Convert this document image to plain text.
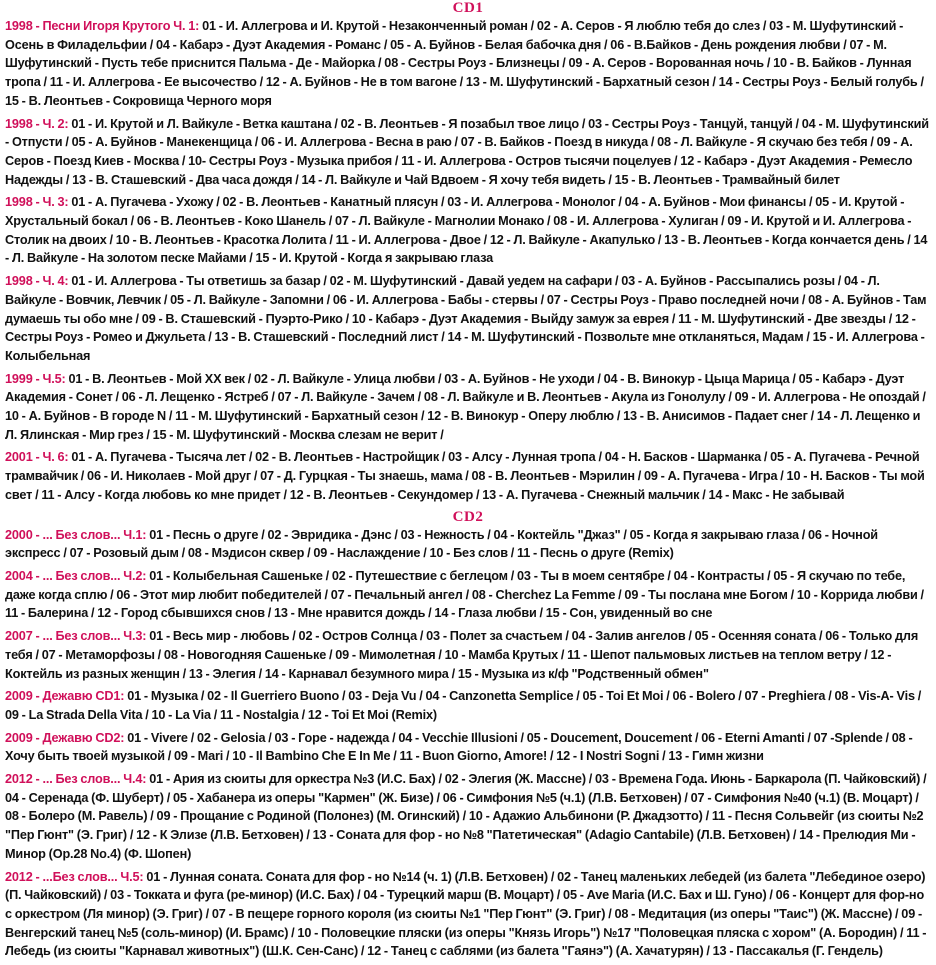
CD1
1998 - Песни Игоря Крутого Ч. 1: 01 - И. Аллегрова и И. Крутой - Незаконченный роман / 02 - А. Серов - Я люблю тебя до слез / 03 - М. Шуфутинский - Осень в Филадельфии / 04 - Кабарэ - Дуэт Академия - Романс / 05 - А. Буйнов - Белая бабочка дня / 06 - В.Байков - День рождения любви / 07 - М. Шуфутинский - Пусть тебе приснится Пальма - Де - Майорка / 08 - Сестры Роуз - Близнецы / 09 - А. Серов - Ворованная ночь / 10 - В. Байков - Лунная тропа / 11 - И. Аллегрова - Ее высочество / 12 - А. Буйнов - Не в том вагоне / 13 - М. Шуфутинский - Бархатный сезон / 14 - Сестры Роуз - Белый голубь / 15 - В. Леонтьев - Сокровища Черного моря
1998 - Ч. 2: 01 - И. Крутой и Л. Вайкуле - Ветка каштана / 02 - В. Леонтьев - Я позабыл твое лицо / 03 - Сестры Роуз - Танцуй, танцуй / 04 - М. Шуфутинский - Отпусти / 05 - А. Буйнов - Манекенщица / 06 - И. Аллегрова - Весна в раю / 07 - В. Байков - Поезд в никуда / 08 - Л. Вайкуле - Я скучаю без тебя / 09 - А. Серов - Поезд Киев - Москва / 10- Сестры Роуз - Музыка прибоя / 11 - И. Аллегрова - Остров тысячи поцелуев / 12 - Кабарэ - Дуэт Академия - Ремесло Надежды / 13 - В. Сташевский - Два часа дождя / 14 - Л. Вайкуле и Чай Вдвоем - Я хочу тебя видеть / 15 - В. Леонтьев - Трамвайный билет
1998 - Ч. 3: 01 - А. Пугачева - Ухожу / 02 - В. Леонтьев - Канатный плясун / 03 - И. Аллегрова - Монолог / 04 - А. Буйнов - Мои финансы / 05 - И. Крутой - Хрустальный бокал / 06 - В. Леонтьев - Коко Шанель / 07 - Л. Вайкуле - Магнолии Монако / 08 - И. Аллегрова - Хулиган / 09 - И. Крутой и И. Аллегрова - Столик на двоих / 10 - В. Леонтьев - Красотка Лолита / 11 - И. Аллегрова - Двое / 12 - Л. Вайкуле - Акапулько / 13 - В. Леонтьев - Когда кончается день / 14 - Л. Вайкуле - На золотом песке Майами / 15 - И. Крутой - Когда я закрываю глаза
1998 - Ч. 4: 01 - И. Аллегрова - Ты ответишь за базар / 02 - М. Шуфутинский - Давай уедем на сафари / 03 - А. Буйнов - Рассыпались розы / 04 - Л. Вайкуле - Вовчик, Левчик / 05 - Л. Вайкуле - Запомни / 06 - И. Аллегрова - Бабы - стервы / 07 - Сестры Роуз - Право последней ночи / 08 - А. Буйнов - Там думаешь ты обо мне / 09 - В. Сташевский - Пуэрто-Рико / 10 - Кабарэ - Дуэт Академия - Выйду замуж за еврея / 11 - М. Шуфутинский - Две звезды / 12 - Сестры Роуз - Ромео и Джульета / 13 - В. Сташевский - Последний лист / 14 - М. Шуфутинский - Позвольте мне откланяться, Мадам / 15 - И. Аллегрова - Колыбельная
1999 - Ч.5: 01 - В. Леонтьев - Мой XX век / 02 - Л. Вайкуле - Улица любви / 03 - А. Буйнов - Не уходи / 04 - В. Винокур - Цыца Марица / 05 - Кабарэ - Дуэт Академия - Сонет / 06 - Л. Лещенко - Ястреб / 07 - Л. Вайкуле - Зачем / 08 - Л. Вайкуле и В. Леонтьев - Акула из Гонолулу / 09 - И. Аллегрова - Не опоздай / 10 - А. Буйнов - В городе N / 11 - М. Шуфутинский - Бархатный сезон / 12 - В. Винокур - Оперу люблю / 13 - В. Анисимов - Падает снег / 14 - Л. Лещенко и Л. Ялинская - Мир грез / 15 - М. Шуфутинский - Москва слезам не верит /
2001 - Ч. 6: 01 - А. Пугачева - Тысяча лет / 02 - В. Леонтьев - Настройщик / 03 - Алсу - Лунная тропа / 04 - Н. Басков - Шарманка / 05 - А. Пугачева - Речной трамвайчик / 06 - И. Николаев - Мой друг / 07 - Д. Гурцкая - Ты знаешь, мама / 08 - В. Леонтьев - Мэрилин / 09 - А. Пугачева - Игра / 10 - Н. Басков - Ты мой свет / 11 - Алсу - Когда любовь ко мне придет / 12 - В. Леонтьев - Секундомер / 13 - А. Пугачева - Снежный мальчик / 14 - Макс - Не забывай
CD2
2000 - ... Без слов... Ч.1: 01 - Песнь о друге / 02 - Эвридика - Дэнс / 03 - Нежность / 04 - Коктейль "Джаз" / 05 - Когда я закрываю глаза / 06 - Ночной экспресс / 07 - Розовый дым / 08 - Мэдисон сквер / 09 - Наслаждение / 10 - Без слов / 11 - Песнь о друге (Remix)
2004 - ... Без слов... Ч.2: 01 - Колыбельная Сашеньке / 02 - Путешествие с беглецом / 03 - Ты в моем сентябре / 04 - Контрасты / 05 - Я скучаю по тебе, даже когда сплю / 06 - Этот мир любит победителей / 07 - Печальный ангел / 08 - Cherchez La Femme / 09 - Ты послана мне Богом / 10 - Коррида любви / 11 - Балерина / 12 - Город сбывшихся снов / 13 - Мне нравится дождь / 14 - Глаза любви / 15 - Сон, увиденный во сне
2007 - ... Без слов... Ч.3: 01 - Весь мир - любовь / 02 - Остров Солнца / 03 - Полет за счастьем / 04 - Залив ангелов / 05 - Осенняя соната / 06 - Только для тебя / 07 - Метаморфозы / 08 - Новогодняя Сашеньке / 09 - Мимолетная / 10 - Мамба Крутых / 11 - Шепот пальмовых листьев на теплом ветру / 12 - Коктейль из разных женщин / 13 - Элегия / 14 - Карнавал безумного мира / 15 - Музыка из к/ф "Родственный обмен"
2009 - Дежавю CD1: 01 - Музыка / 02 - Il Guerriero Buono / 03 - Deja Vu / 04 - Canzonetta Semplice / 05 - Toi Et Moi / 06 - Bolero / 07 - Preghiera / 08 - Vis-A- Vis / 09 - La Strada Della Vita / 10 - La Via / 11 - Nostalgia / 12 - Toi Et Moi (Remix)
2009 - Дежавю CD2: 01 - Vivere / 02 - Gelosia / 03 - Горе - надежда / 04 - Vecchie Illusioni / 05 - Doucement, Doucement / 06 - Eterni Amanti / 07 -Splende / 08 - Хочу быть твоей музыкой / 09 - Mari / 10 - Il Bambino Che E In Me / 11 - Buon Giorno, Amore! / 12 - I Nostri Sogni / 13 - Гимн жизни
2012 - ... Без слов... Ч.4: 01 - Ария из сюиты для оркестра №3 (И.С. Бах) / 02 - Элегия (Ж. Массне) / 03 - Времена Года. Июнь - Баркарола (П. Чайковский) / 04 - Серенада (Ф. Шуберт) / 05 - Хабанера из оперы "Кармен" (Ж. Бизе) / 06 - Симфония №5 (ч.1) (Л.В. Бетховен) / 07 - Симфония №40 (ч.1) (В. Моцарт) / 08 - Болеро (М. Равель) / 09 - Прощание с Родиной (Полонез) (М. Огинский) / 10 - Адажио Альбинони (Р. Джадзотто) / 11 - Песня Сольвейг (из сюиты №2 "Пер Гюнт" (Э. Григ) / 12 - К Элизе (Л.В. Бетховен) / 13 - Соната для фор - но №8 "Патетическая" (Adagio Cantabile) (Л.В. Бетховен) / 14 - Прелюдия Ми - Минор (Op.28 No.4) (Ф. Шопен)
2012 - ...Без слов... Ч.5: 01 - Лунная соната. Соната для фор - но №14 (ч. 1) (Л.В. Бетховен) / 02 - Танец маленьких лебедей (из балета "Лебединое озеро) (П. Чайковский) / 03 - Токката и фуга (ре-минор) (И.С. Бах) / 04 - Турецкий марш (В. Моцарт) / 05 - Ave Maria (И.С. Бах и Ш. Гуно) / 06 - Концерт для фор-но с оркестром (Ля минор) (Э. Григ) / 07 - В пещере горного короля (из сюиты №1 "Пер Гюнт" (Э. Григ) / 08 - Медитация (из оперы "Таис") (Ж. Массне) / 09 - Венгерский танец №5 (соль-минор) (И. Брамс) / 10 - Половецкие пляски (из оперы "Князь Игорь") №17 "Половецкая пляска с хором" (А. Бородин) / 11 - Лебедь (из сюиты "Карнавал животных") (Ш.К. Сен-Санс) / 12 - Танец с саблями (из балета "Гаянэ") (А. Хачатурян) / 13 - Пассакалья (Г. Гендель)
